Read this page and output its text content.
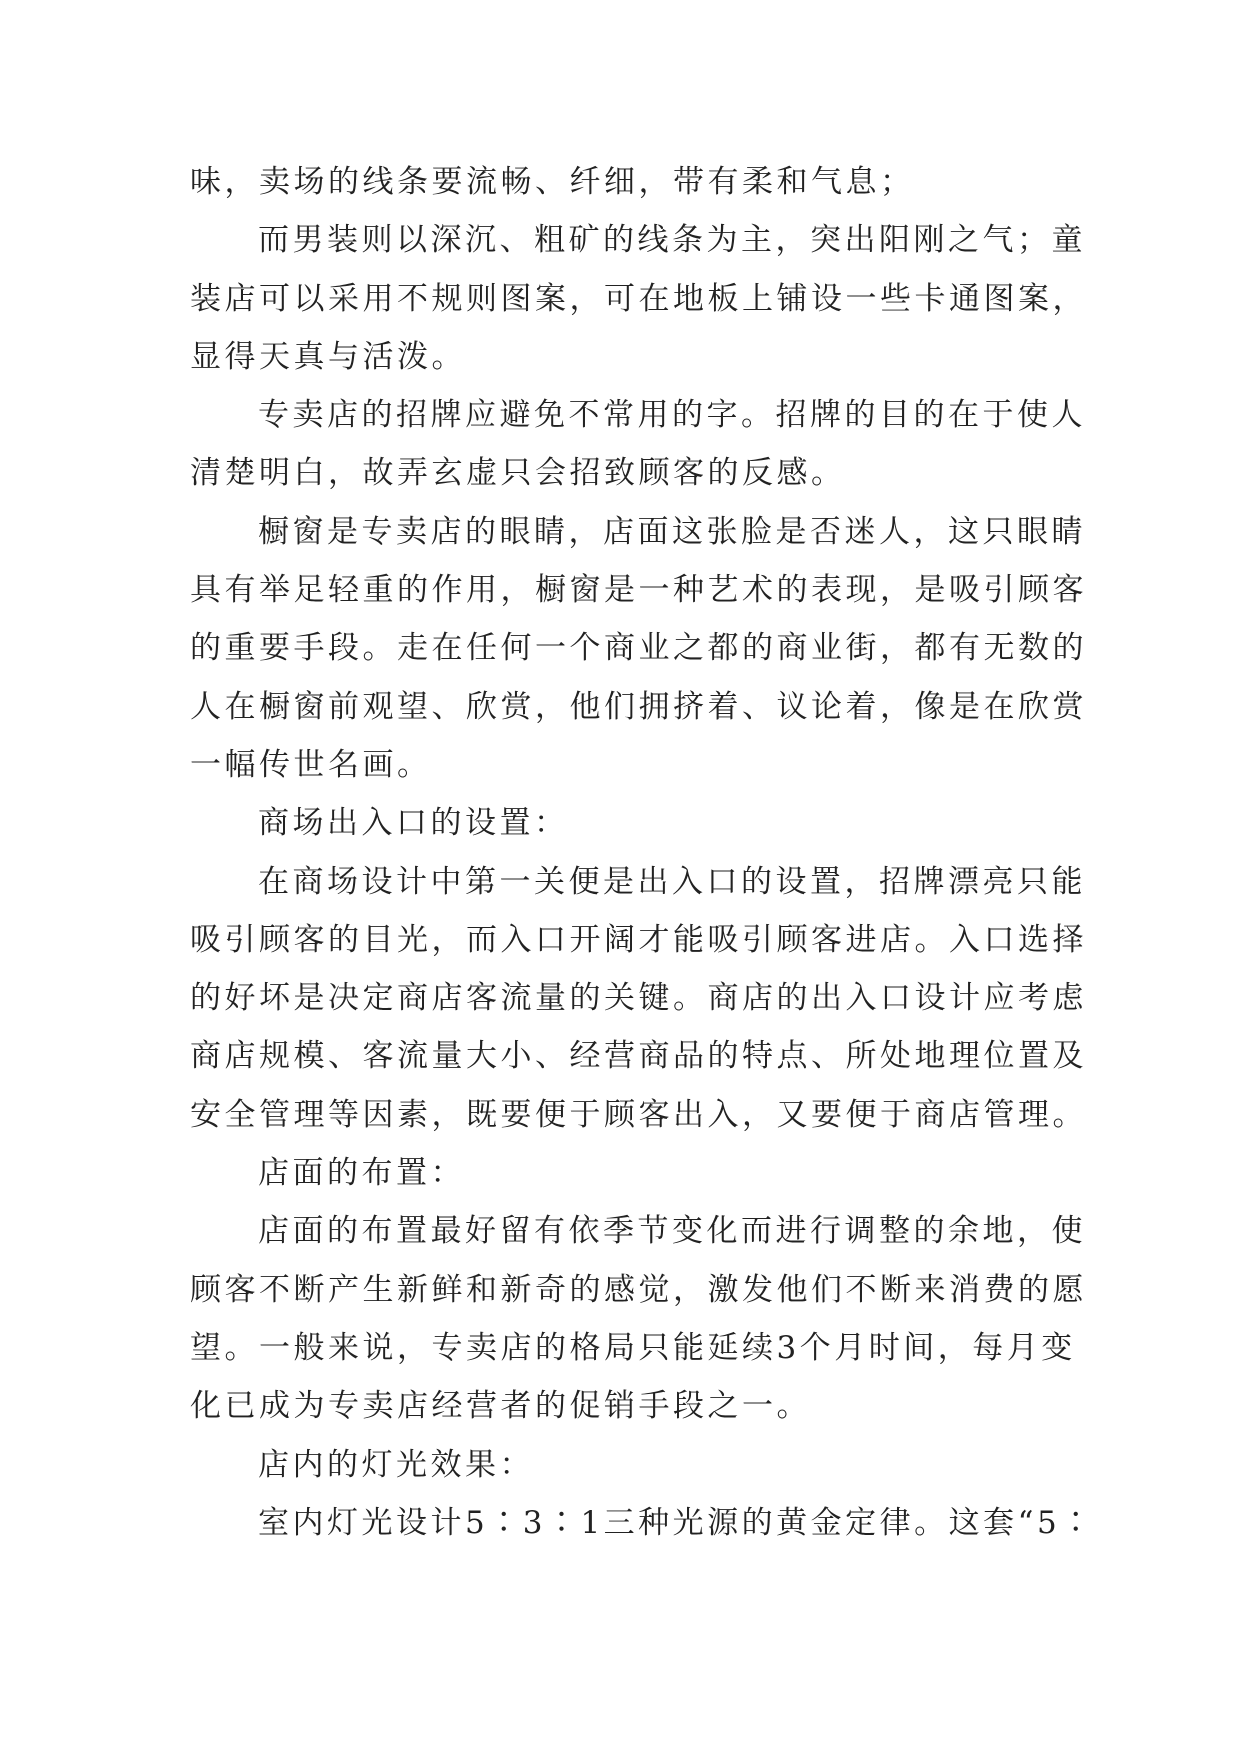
味，卖场的线条要流畅、纤细，带有柔和气息；
而男装则以深沉、粗矿的线条为主，突出阳刚之气；童
装店可以采用不规则图案，可在地板上铺设一些卡通图案，
显得天真与活泼。
专卖店的招牌应避免不常用的字。招牌的目的在于使人
清楚明白，故弄玄虚只会招致顾客的反感。
橱窗是专卖店的眼睛，店面这张脸是否迷人，这只眼睛
具有举足轻重的作用，橱窗是一种艺术的表现，是吸引顾客
的重要手段。走在任何一个商业之都的商业街，都有无数的
人在橱窗前观望、欣赏，他们拥挤着、议论着，像是在欣赏
一幅传世名画。
商场出入口的设置：
在商场设计中第一关便是出入口的设置，招牌漂亮只能
吸引顾客的目光，而入口开阔才能吸引顾客进店。入口选择
的好坏是决定商店客流量的关键。商店的出入口设计应考虑
商店规模、客流量大小、经营商品的特点、所处地理位置及
安全管理等因素，既要便于顾客出入，又要便于商店管理。
店面的布置：
店面的布置最好留有依季节变化而进行调整的余地，使
顾客不断产生新鲜和新奇的感觉，激发他们不断来消费的愿
望。一般来说，专卖店的格局只能延续3个月时间，每月变
化已成为专卖店经营者的促销手段之一。
店内的灯光效果：
室内灯光设计5∶3∶1三种光源的黄金定律。这套“5∶
